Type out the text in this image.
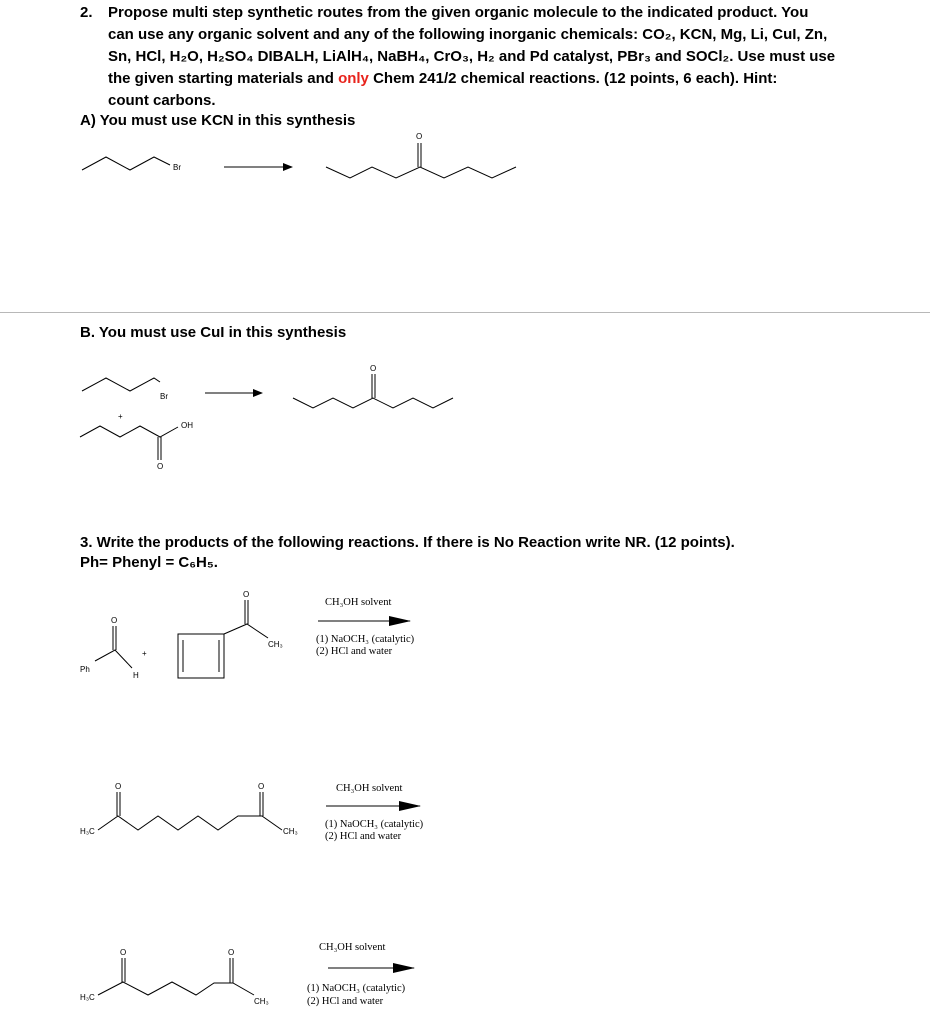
2. Propose multi step synthetic routes from the given organic molecule to the indicated product. You
can use any organic solvent and any of the following inorganic chemicals: CO₂, KCN, Mg, Li, CuI, Zn,
Sn, HCl, H₂O, H₂SO₄ DIBALH, LiAlH₄, NaBH₄, CrO₃, H₂ and Pd catalyst, PBr₃ and SOCl₂. Use must use
the given starting materials and only Chem 241/2 chemical reactions. (12 points, 6 each). Hint:
count carbons.
A) You must use KCN in this synthesis
B. You must use CuI in this synthesis
3. Write the products of the following reactions. If there is No Reaction write NR. (12 points).
Ph= Phenyl = C₆H₅.
Br
O
Br
+
OH
O
O
O
Ph
H
+
O
CH₃
CH₃OH solvent
(1) NaOCH₃ (catalytic)
(2) HCl and water
O	O
H₃C	CH₃
CH₃OH solvent
(1) NaOCH₃ (catalytic)
(2) HCl and water
O	O
H₃C	CH₃
CH₃OH solvent
(1) NaOCH₃ (catalytic)
(2) HCl and water
